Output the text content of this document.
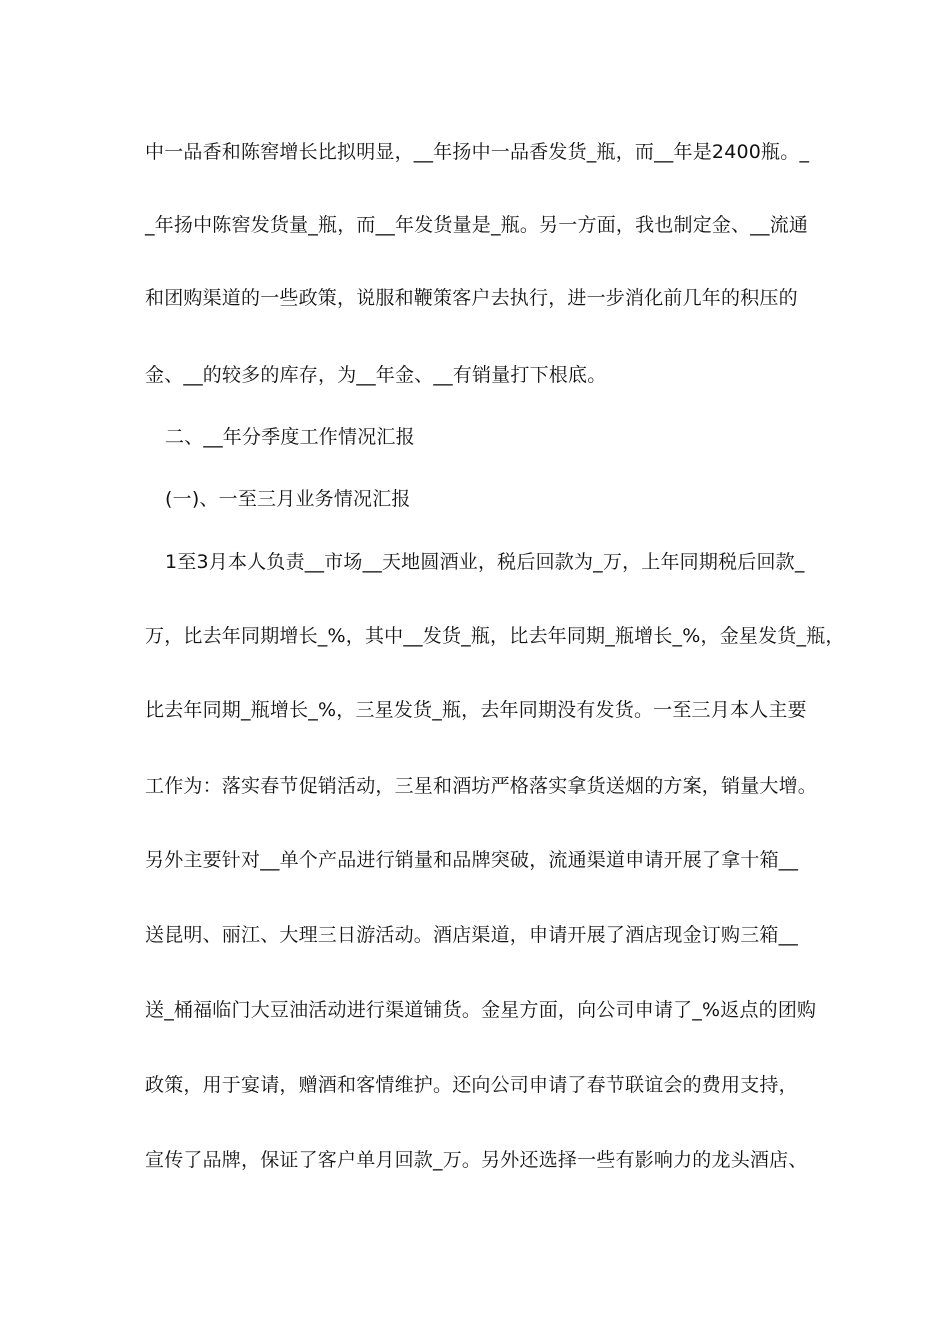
中一品香和陈窖增长比拟明显，__年扬中一品香发货_瓶，而__年是2400瓶。_
_年扬中陈窖发货量_瓶，而__年发货量是_瓶。另一方面，我也制定金、__流通
和团购渠道的一些政策，说服和鞭策客户去执行，进一步消化前几年的积压的
金、__的较多的库存，为__年金、__有销量打下根底。
二、__年分季度工作情况汇报
(一)、一至三月业务情况汇报
1至3月本人负责__市场__天地圆酒业，税后回款为_万，上年同期税后回款_
万，比去年同期增长_%，其中__发货_瓶，比去年同期_瓶增长_%，金星发货_瓶，
比去年同期_瓶增长_%，三星发货_瓶，去年同期没有发货。一至三月本人主要
工作为：落实春节促销活动，三星和酒坊严格落实拿货送烟的方案，销量大增。
另外主要针对__单个产品进行销量和品牌突破，流通渠道申请开展了拿十箱__
送昆明、丽江、大理三日游活动。酒店渠道，申请开展了酒店现金订购三箱__
送_桶福临门大豆油活动进行渠道铺货。金星方面，向公司申请了_%返点的团购
政策，用于宴请，赠酒和客情维护。还向公司申请了春节联谊会的费用支持，
宣传了品牌，保证了客户单月回款_万。另外还选择一些有影响力的龙头酒店、
